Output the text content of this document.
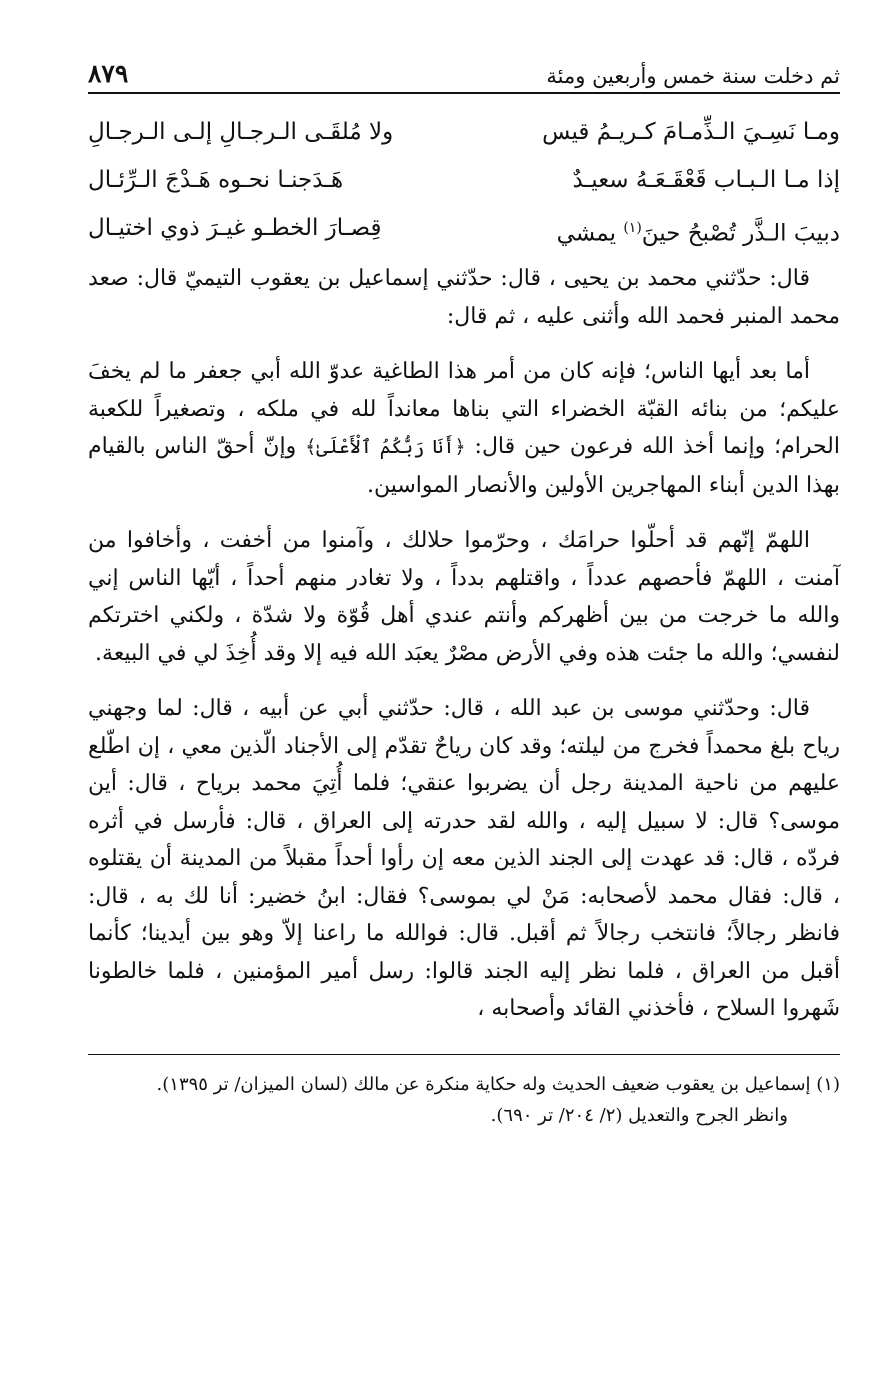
ثم دخلت سنة خمس وأربعين ومئة
٨٧٩
ومـا نَسِـيَ الـذِّمـامَ كـريـمُ قيس
ولا مُلقَـى الـرجـالِ إلـى الـرجـالِ
إذا مـا الـبـاب قَعْقَـعَـهُ سعيـدٌ
هَـدَجنـا نحـوه هَـدْجَ الـرِّئـال
دبيبَ الـذَّر تُصْبحُ حينَ$^{(١)}$ يمشي
قِصـارَ الخطـو غيـرَ ذوي اختيـال

قال: حدّثني محمد بن يحيى ، قال: حدّثني إسماعيل بن يعقوب التيميّ قال: صعد محمد المنبر فحمد الله وأثنى عليه ، ثم قال:

أما بعد أيها الناس؛ فإنه كان من أمر هذا الطاغية عدوّ الله أبي جعفر ما لم يخفَ عليكم؛ من بنائه القبّة الخضراء التي بناها معانداً لله في ملكه ، وتصغيراً للكعبة الحرام؛ وإنما أخذ الله فرعون حين قال: ﴿أَنَا رَبُّكُمُ ٱلْأَعْلَىٰ﴾ وإنّ أحقّ الناس بالقيام بهذا الدين أبناء المهاجرين الأولين والأنصار المواسين.

اللهمّ إنّهم قد أحلّوا حرامَك ، وحرّموا حلالك ، وآمنوا من أخفت ، وأخافوا من آمنت ، اللهمّ فأحصهم عدداً ، واقتلهم بدداً ، ولا تغادر منهم أحداً ، أيّها الناس إني والله ما خرجت من بين أظهركم وأنتم عندي أهل قُوّة ولا شدّة ، ولكني اخترتكم لنفسي؛ والله ما جئت هذه وفي الأرض مصْرٌ يعبَد الله فيه إلا وقد أُخِذَ لي في البيعة.

قال: وحدّثني موسى بن عبد الله ، قال: حدّثني أبي عن أبيه ، قال: لما وجهني رياح بلغ محمداً فخرج من ليلته؛ وقد كان رياحٌ تقدّم إلى الأجناد الّذين معي ، إن اطّلع عليهم من ناحية المدينة رجل أن يضربوا عنقي؛ فلما أُتِيَ محمد برياح ، قال: أين موسى؟ قال: لا سبيل إليه ، والله لقد حدرته إلى العراق ، قال: فأرسل في أثره فردّه ، قال: قد عهدت إلى الجند الذين معه إن رأوا أحداً مقبلاً من المدينة أن يقتلوه ، قال: فقال محمد لأصحابه: مَنْ لي بموسى؟ فقال: ابنُ خضير: أنا لك به ، قال: فانظر رجالاً؛ فانتخب رجالاً ثم أقبل. قال: فوالله ما راعنا إلاّ وهو بين أيدينا؛ كأنما أقبل من العراق ، فلما نظر إليه الجند قالوا: رسل أمير المؤمنين ، فلما خالطونا شَهروا السلاح ، فأخذني القائد وأصحابه ،

(١) إسماعيل بن يعقوب ضعيف الحديث وله حكاية منكرة عن مالك (لسان الميزان/ تر ١٣٩٥).

وانظر الجرح والتعديل (٢/ ٢٠٤/ تر ٦٩٠).
